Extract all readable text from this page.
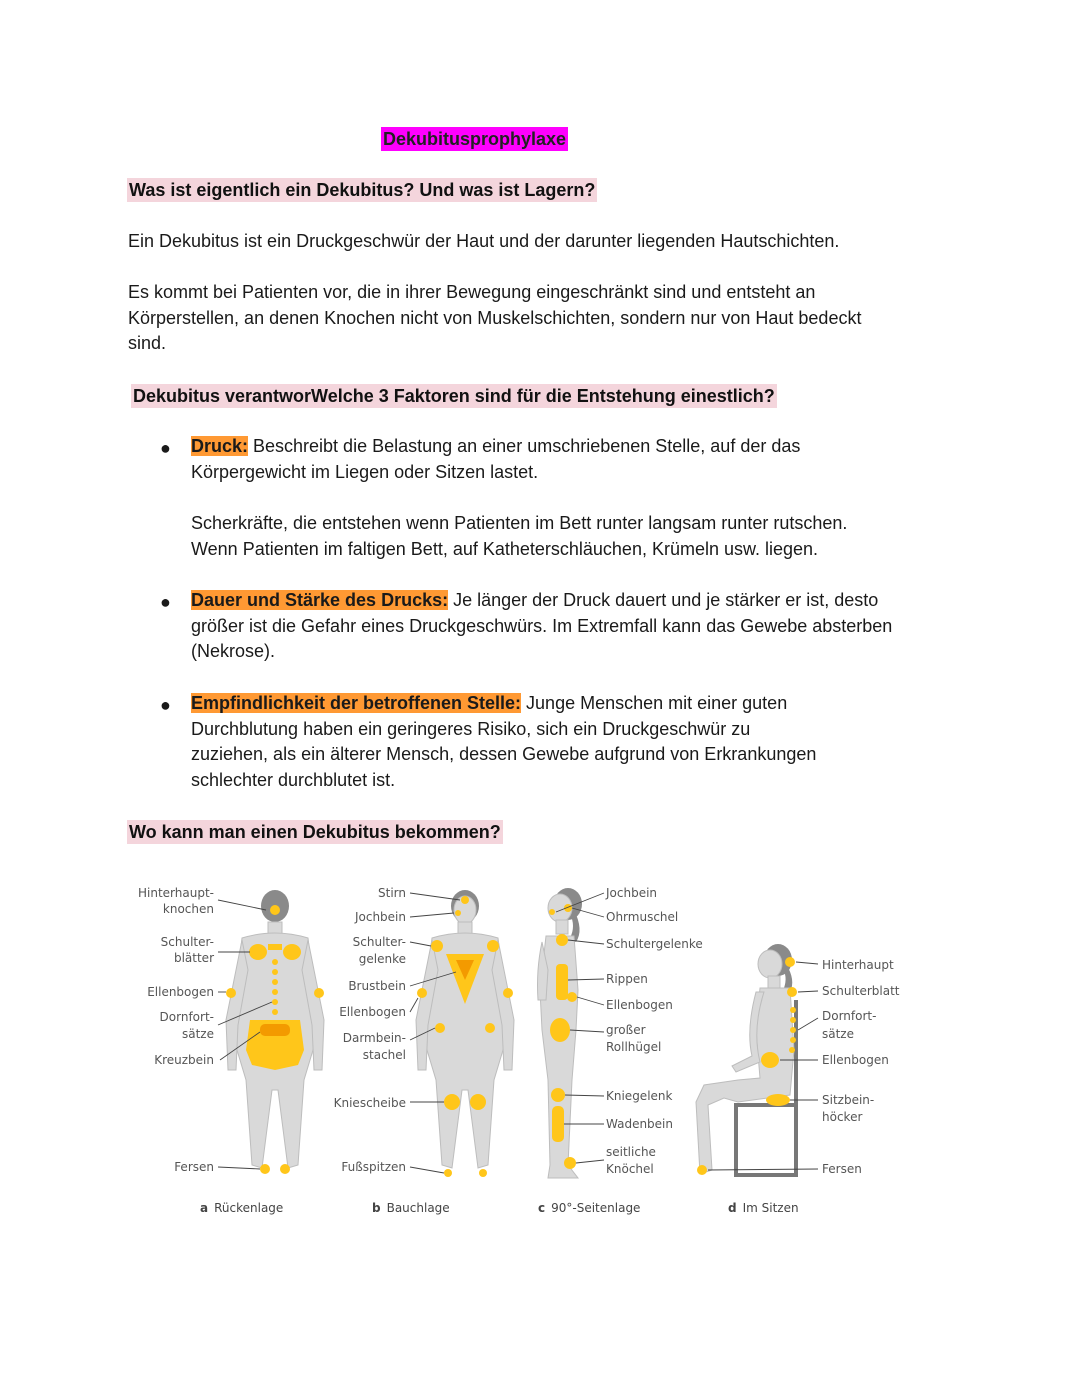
Dekubitusprophylaxe
Was ist eigentlich ein Dekubitus? Und was ist Lagern?
Ein Dekubitus ist ein Druckgeschwür der Haut und der darunter liegenden Hautschichten.
Es kommt bei Patienten vor, die in ihrer Bewegung eingeschränkt sind und entsteht an
Körperstellen, an denen Knochen nicht von Muskelschichten, sondern nur von Haut bedeckt
sind.
Dekubitus verantworWelche 3 Faktoren sind für die Entstehung einestlich?
● Druck: Beschreibt die Belastung an einer umschriebenen Stelle, auf der das
Körpergewicht im Liegen oder Sitzen lastet.
Scherkräfte, die entstehen wenn Patienten im Bett runter langsam runter rutschen.
Wenn Patienten im faltigen Bett, auf Katheterschläuchen, Krümeln usw. liegen.
● Dauer und Stärke des Drucks: Je länger der Druck dauert und je stärker er ist, desto
größer ist die Gefahr eines Druckgeschwürs. Im Extremfall kann das Gewebe absterben
(Nekrose).
● Empfindlichkeit der betroffenen Stelle: Junge Menschen mit einer guten
Durchblutung haben ein geringeres Risiko, sich ein Druckgeschwür zu
zuziehen, als ein älterer Mensch, dessen Gewebe aufgrund von Erkrankungen
schlechter durchblutet ist.
Wo kann man einen Dekubitus bekommen?
Hinterhaupt-
knochen
Schulter-
blätter
Ellenbogen
Dornfort-
sätze
Kreuzbein
Fersen
a Rückenlage
Stirn
Jochbein
Schulter-
gelenke
Brustbein
Ellenbogen
Darmbein-
stachel
Kniescheibe
Fußspitzen
b Bauchlage
Jochbein
Ohrmuschel
Schultergelenke
Rippen
Ellenbogen
großer
Rollhügel
Kniegelenk
Wadenbein
seitliche
Knöchel
c 90°-Seitenlage
Hinterhaupt
Schulterblatt
Dornfort-
sätze
Ellenbogen
Sitzbein-
höcker
Fersen
d Im Sitzen
